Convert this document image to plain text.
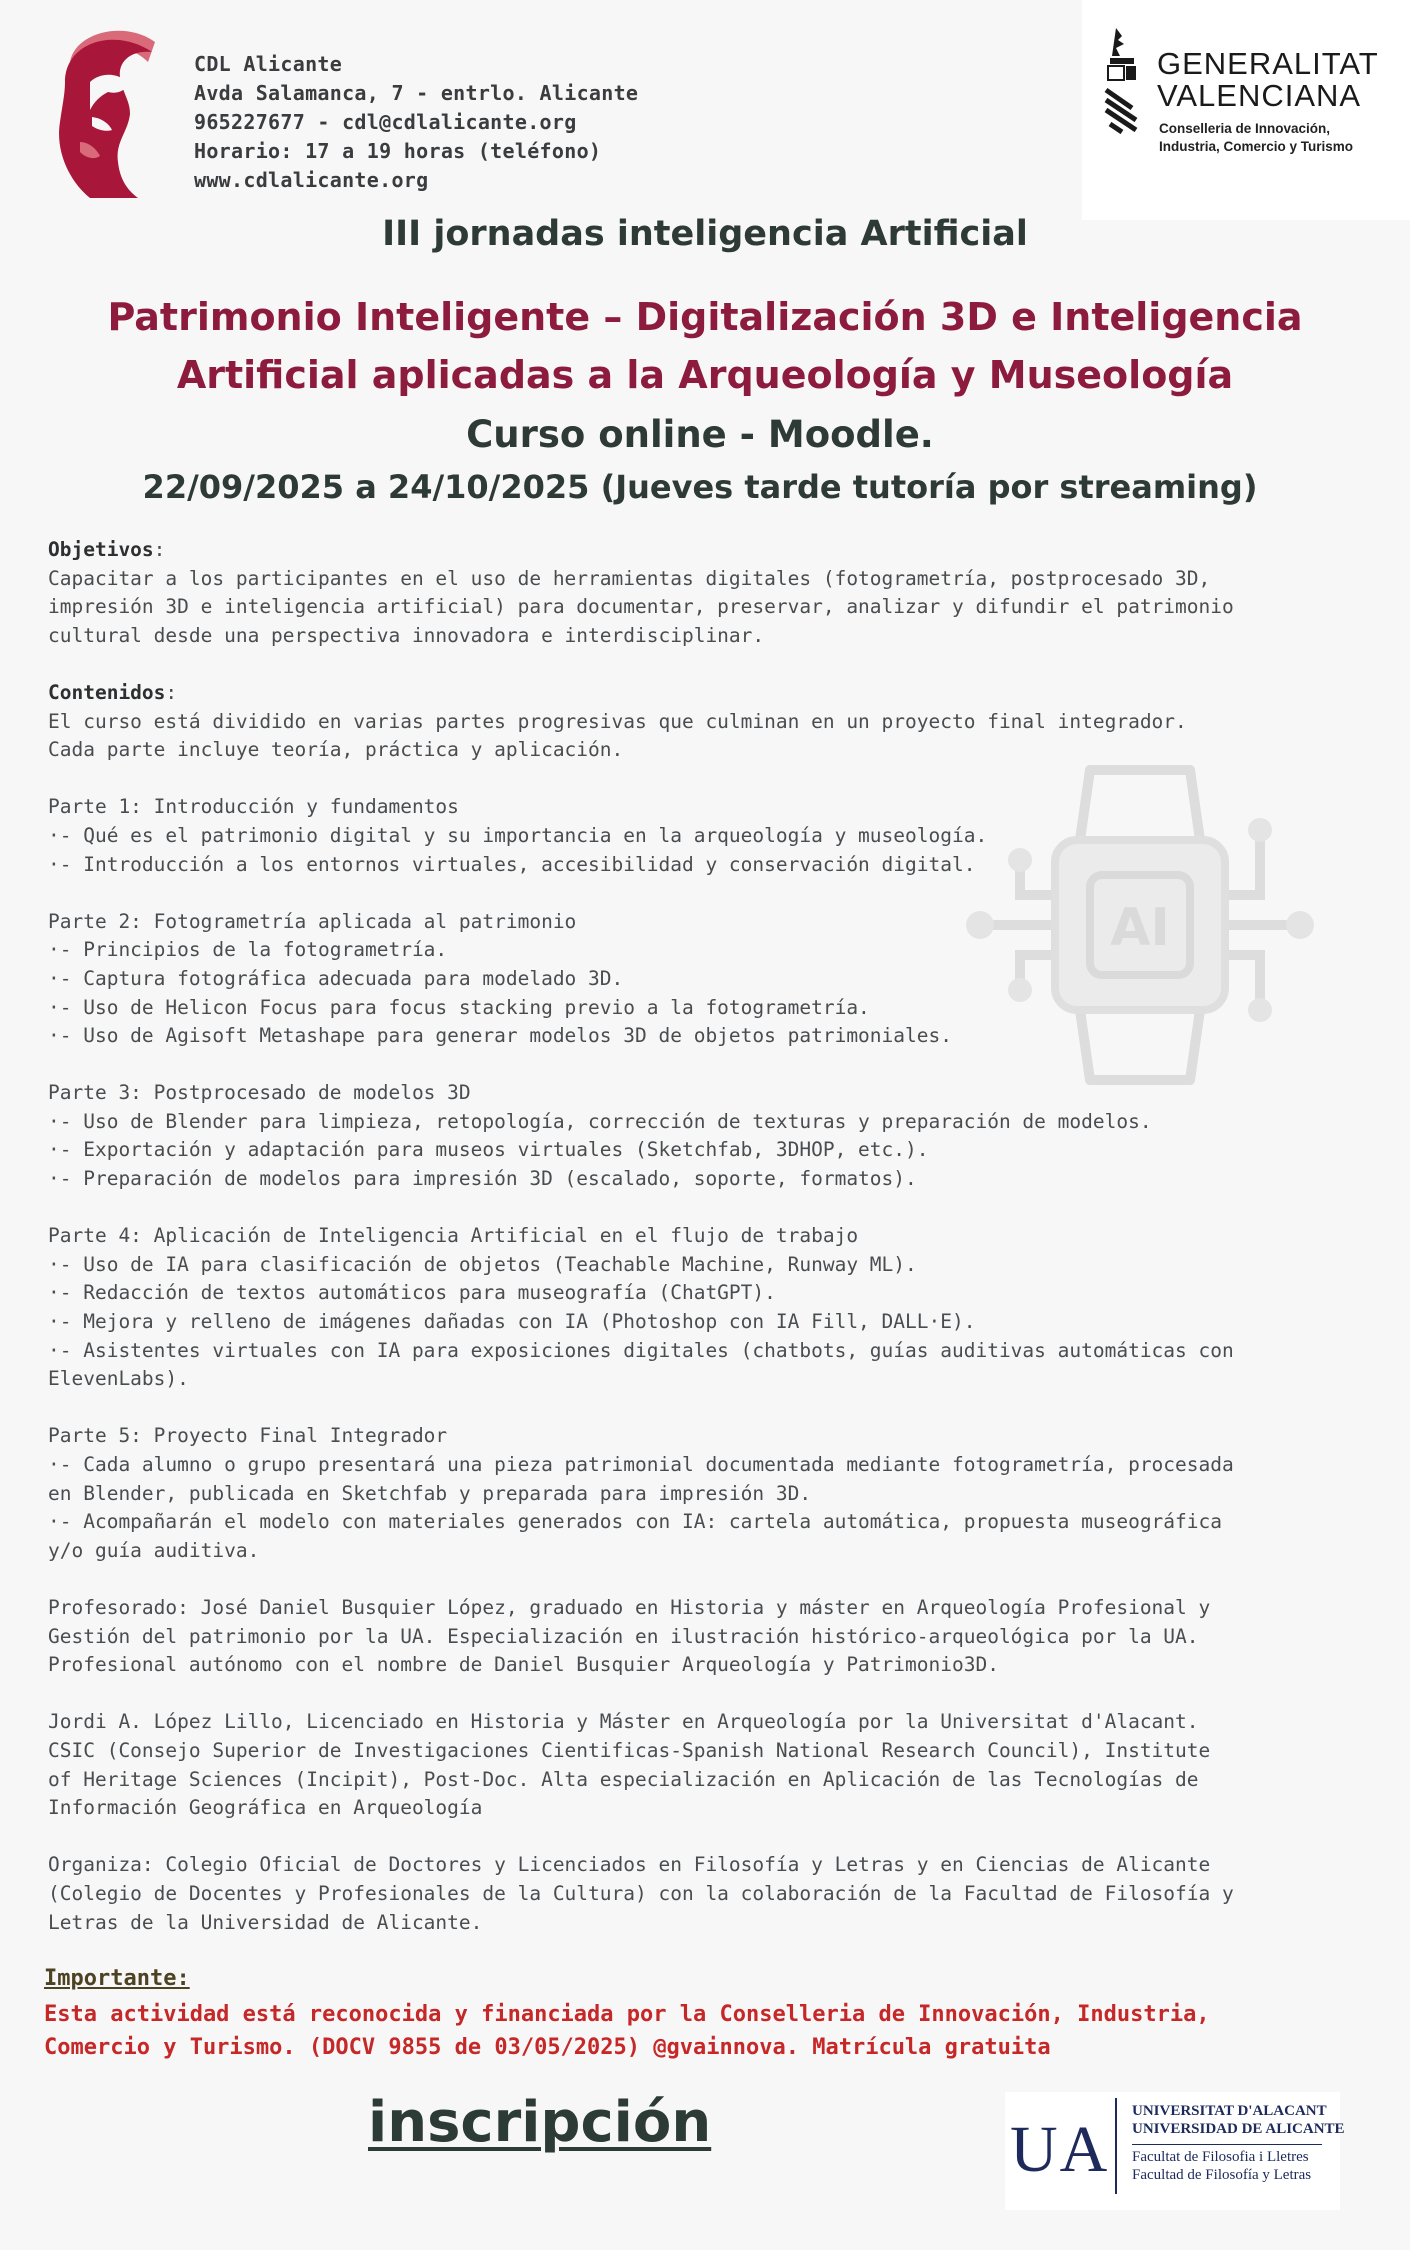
CDL Alicante
Avda Salamanca, 7 - entrlo. Alicante
965227677 - cdl@cdlalicante.org
Horario: 17 a 19 horas (teléfono)
www.cdlalicante.org
GENERALITAT
VALENCIANA
Conselleria de Innovación,
Industria, Comercio y Turismo
III jornadas inteligencia Artificial
Patrimonio Inteligente – Digitalización 3D e Inteligencia
Artificial aplicadas a la Arqueología y Museología
Curso online - Moodle.
22/09/2025 a 24/10/2025 (Jueves tarde tutoría por streaming)
AI
Objetivos:
Capacitar a los participantes en el uso de herramientas digitales (fotogrametría, postprocesado 3D,
impresión 3D e inteligencia artificial) para documentar, preservar, analizar y difundir el patrimonio
cultural desde una perspectiva innovadora e interdisciplinar.
Contenidos:
El curso está dividido en varias partes progresivas que culminan en un proyecto final integrador.
Cada parte incluye teoría, práctica y aplicación.
Parte 1: Introducción y fundamentos
·- Qué es el patrimonio digital y su importancia en la arqueología y museología.
·- Introducción a los entornos virtuales, accesibilidad y conservación digital.
Parte 2: Fotogrametría aplicada al patrimonio
·- Principios de la fotogrametría.
·- Captura fotográfica adecuada para modelado 3D.
·- Uso de Helicon Focus para focus stacking previo a la fotogrametría.
·- Uso de Agisoft Metashape para generar modelos 3D de objetos patrimoniales.
Parte 3: Postprocesado de modelos 3D
·- Uso de Blender para limpieza, retopología, corrección de texturas y preparación de modelos.
·- Exportación y adaptación para museos virtuales (Sketchfab, 3DHOP, etc.).
·- Preparación de modelos para impresión 3D (escalado, soporte, formatos).
Parte 4: Aplicación de Inteligencia Artificial en el flujo de trabajo
·- Uso de IA para clasificación de objetos (Teachable Machine, Runway ML).
·- Redacción de textos automáticos para museografía (ChatGPT).
·- Mejora y relleno de imágenes dañadas con IA (Photoshop con IA Fill, DALL·E).
·- Asistentes virtuales con IA para exposiciones digitales (chatbots, guías auditivas automáticas con
ElevenLabs).
Parte 5: Proyecto Final Integrador
·- Cada alumno o grupo presentará una pieza patrimonial documentada mediante fotogrametría, procesada
en Blender, publicada en Sketchfab y preparada para impresión 3D.
·- Acompañarán el modelo con materiales generados con IA: cartela automática, propuesta museográfica
y/o guía auditiva.
Profesorado: José Daniel Busquier López, graduado en Historia y máster en Arqueología Profesional y
Gestión del patrimonio por la UA. Especialización en ilustración histórico-arqueológica por la UA.
Profesional autónomo con el nombre de Daniel Busquier Arqueología y Patrimonio3D.
Jordi A. López Lillo, Licenciado en Historia y Máster en Arqueología por la Universitat d'Alacant.
CSIC (Consejo Superior de Investigaciones Cientificas-Spanish National Research Council), Institute
of Heritage Sciences (Incipit), Post-Doc. Alta especialización en Aplicación de las Tecnologías de
Información Geográfica en Arqueología
Organiza: Colegio Oficial de Doctores y Licenciados en Filosofía y Letras y en Ciencias de Alicante
(Colegio de Docentes y Profesionales de la Cultura) con la colaboración de la Facultad de Filosofía y
Letras de la Universidad de Alicante.
Importante:
Esta actividad está reconocida y financiada por la Conselleria de Innovación, Industria,
Comercio y Turismo. (DOCV 9855 de 03/05/2025) @gvainnova. Matrícula gratuita
inscripción	UA
UNIVERSITAT D'ALACANT
UNIVERSIDAD DE ALICANTE
Facultat de Filosofia i Lletres
Facultad de Filosofía y Letras
